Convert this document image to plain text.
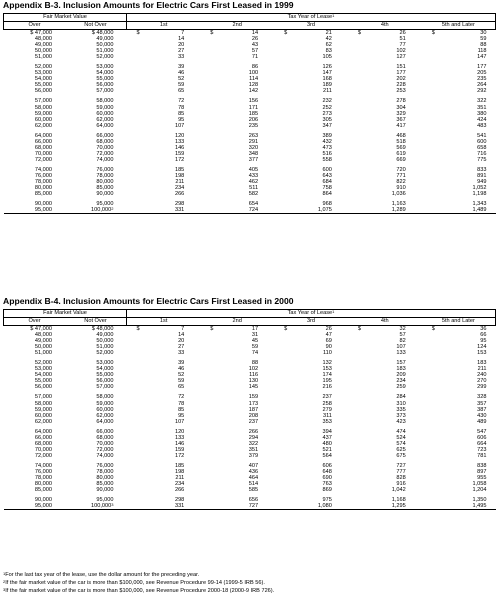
Appendix B-3. Inclusion Amounts for Electric Cars First Leased in 1999
Fair Market Value		Tax Year of Lease$^1$
Over	Not Over	1st	2nd	3rd	4th	5th and Later
$ 47,000	$ 48,000	$ 7	$ 14	$ 21	$ 26	$ 30
48,000	49,000	14	26	42	51	59
49,000	50,000	20	43	62	77	88
50,000	51,000	27	57	83	102	118
51,000	52,000	33	71	105	127	147

52,000	53,000	39	86	126	151	177
53,000	54,000	46	100	147	177	205
54,000	55,000	52	114	168	202	235
55,000	56,000	59	128	189	228	264
56,000	57,000	65	142	211	253	292

57,000	58,000	72	156	232	278	322
58,000	59,000	78	171	252	304	351
59,000	60,000	85	185	273	329	380
60,000	62,000	95	206	305	367	424
62,000	64,000	107	235	347	417	483

64,000	66,000	120	263	389	468	541
66,000	68,000	133	291	432	518	600
68,000	70,000	146	320	473	569	658
70,000	72,000	159	348	516	619	716
72,000	74,000	172	377	558	669	775

74,000	76,000	185	405	600	720	833
76,000	78,000	198	433	643	771	891
78,000	80,000	211	462	684	822	949
80,000	85,000	234	511	758	910	1,052
85,000	90,000	266	582	864	1,036	1,198

90,000	95,000	298	654	968	1,163	1,343
95,000	100,000$^2$	331	724	1,075	1,289	1,489
Appendix B-4. Inclusion Amounts for Electric Cars First Leased in 2000
Fair Market Value		Tax Year of Lease$^1$
Over	Not Over	1st	2nd	3rd	4th	5th and Later
$ 47,000	$ 48,000	$ 7	$ 17	$ 26	$ 32	$ 36
48,000	49,000	14	31	47	57	66
49,000	50,000	20	45	69	82	95
50,000	51,000	27	59	90	107	124
51,000	52,000	33	74	110	133	153

52,000	53,000	39	88	132	157	183
53,000	54,000	46	102	153	183	211
54,000	55,000	52	116	174	209	240
55,000	56,000	59	130	195	234	270
56,000	57,000	65	145	216	259	299

57,000	58,000	72	159	237	284	328
58,000	59,000	78	173	258	310	357
59,000	60,000	85	187	279	335	387
60,000	62,000	95	208	311	373	430
62,000	64,000	107	237	353	423	489

64,000	66,000	120	266	394	474	547
66,000	68,000	133	294	437	524	606
68,000	70,000	146	322	480	574	664
70,000	72,000	159	351	521	625	723
72,000	74,000	172	379	564	675	781

74,000	76,000	185	407	606	727	838
76,000	78,000	198	436	648	777	897
78,000	80,000	211	464	690	828	955
80,000	85,000	234	514	763	916	1,058
85,000	90,000	266	585	869	1,042	1,204

90,000	95,000	298	656	975	1,168	1,350
95,000	100,000$^3$	331	727	1,080	1,295	1,495
$^1$For the last tax year of the lease, use the dollar amount for the preceding year.
$^2$If the fair market value of the car is more than $100,000, see Revenue Procedure 99-14 (1999-5 IRB 56).
$^3$If the fair market value of the car is more than $100,000, see Revenue Procedure 2000-18 (2000-9 IRB 726).
